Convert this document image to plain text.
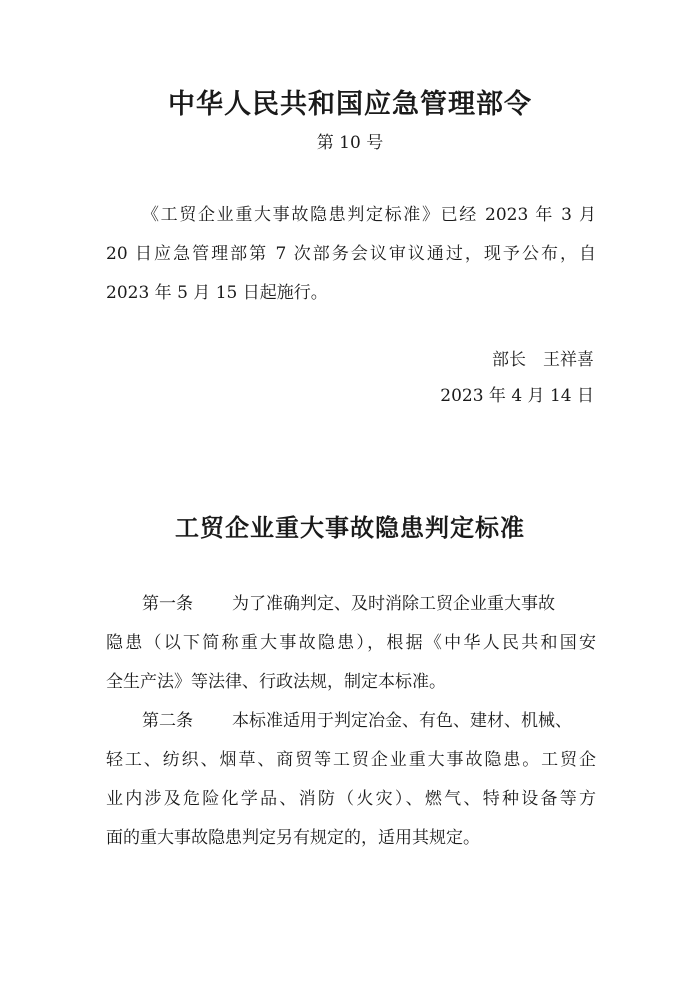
中华人民共和国应急管理部令
第 10 号
《工贸企业重大事故隐患判定标准》已经 2023 年 3 月
20 日应急管理部第 7 次部务会议审议通过，现予公布，自
2023 年 5 月 15 日起施行。
部长　王祥喜
2023 年 4 月 14 日
工贸企业重大事故隐患判定标准
第一条 为了准确判定、及时消除工贸企业重大事故
隐患（以下简称重大事故隐患），根据《中华人民共和国安
全生产法》等法律、行政法规，制定本标准。
第二条 本标准适用于判定冶金、有色、建材、机械、
轻工、纺织、烟草、商贸等工贸企业重大事故隐患。工贸企
业内涉及危险化学品、消防（火灾）、燃气、特种设备等方
面的重大事故隐患判定另有规定的，适用其规定。
